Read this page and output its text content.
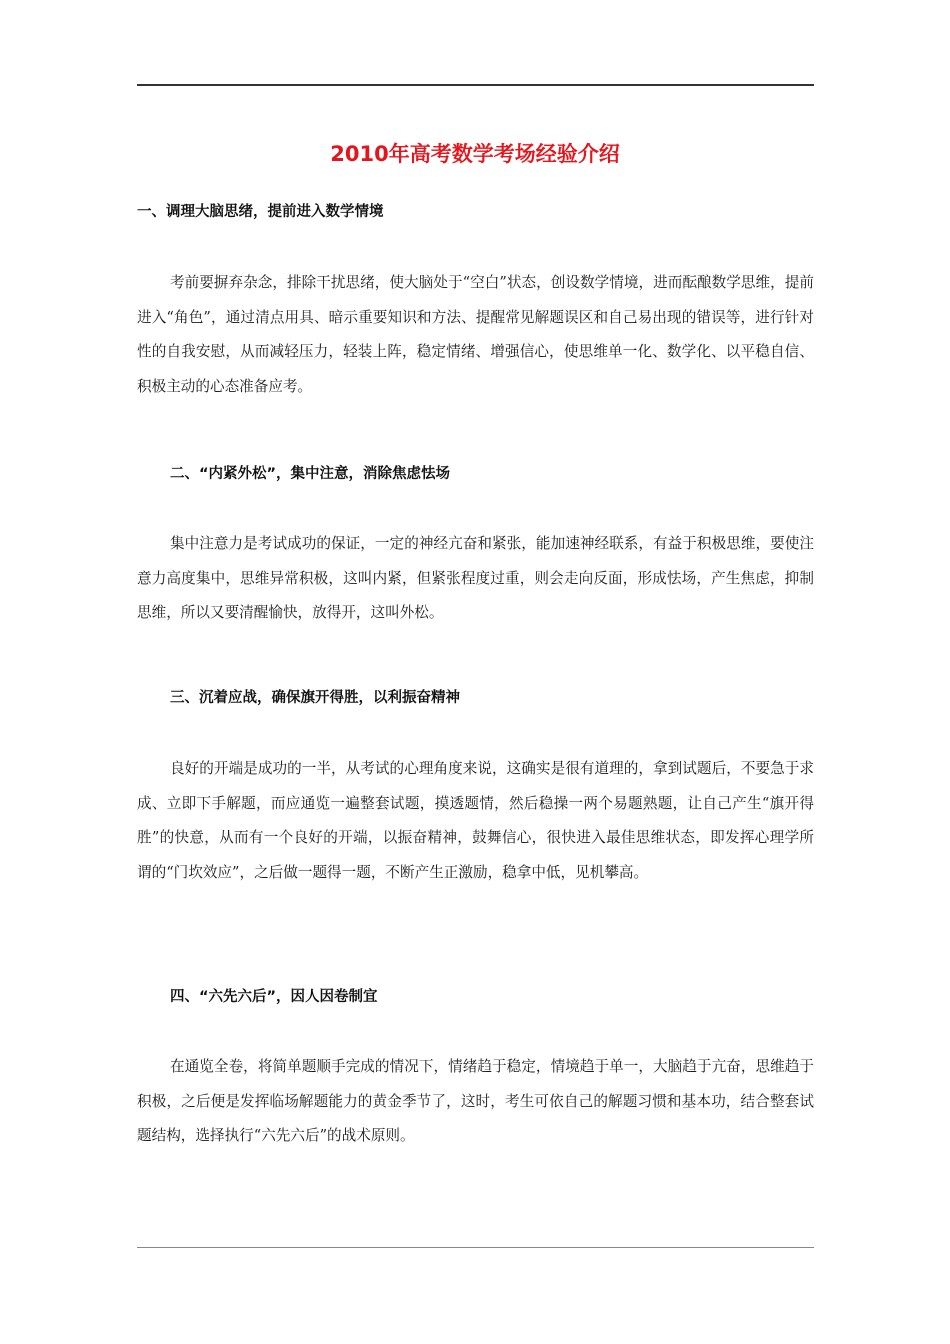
2010年高考数学考场经验介绍
一、调理大脑思绪，提前进入数学情境

考前要摒弃杂念，排除干扰思绪，使大脑处于“空白”状态，创设数学情境，进而酝酿数学思维，提前进入“角色”，通过清点用具、暗示重要知识和方法、提醒常见解题误区和自己易出现的错误等，进行针对性的自我安慰，从而减轻压力，轻装上阵，稳定情绪、增强信心，使思维单一化、数学化、以平稳自信、积极主动的心态准备应考。

二、“内紧外松”，集中注意，消除焦虑怯场

集中注意力是考试成功的保证，一定的神经亢奋和紧张，能加速神经联系，有益于积极思维，要使注意力高度集中，思维异常积极，这叫内紧，但紧张程度过重，则会走向反面，形成怯场，产生焦虑，抑制思维，所以又要清醒愉快，放得开，这叫外松。

三、沉着应战，确保旗开得胜，以利振奋精神

良好的开端是成功的一半，从考试的心理角度来说，这确实是很有道理的，拿到试题后，不要急于求成、立即下手解题，而应通览一遍整套试题，摸透题情，然后稳操一两个易题熟题，让自己产生“旗开得胜”的快意，从而有一个良好的开端，以振奋精神，鼓舞信心，很快进入最佳思维状态，即发挥心理学所谓的“门坎效应”，之后做一题得一题，不断产生正激励，稳拿中低，见机攀高。

四、“六先六后”，因人因卷制宜

在通览全卷，将简单题顺手完成的情况下，情绪趋于稳定，情境趋于单一，大脑趋于亢奋，思维趋于积极，之后便是发挥临场解题能力的黄金季节了，这时，考生可依自己的解题习惯和基本功，结合整套试题结构，选择执行“六先六后”的战术原则。
